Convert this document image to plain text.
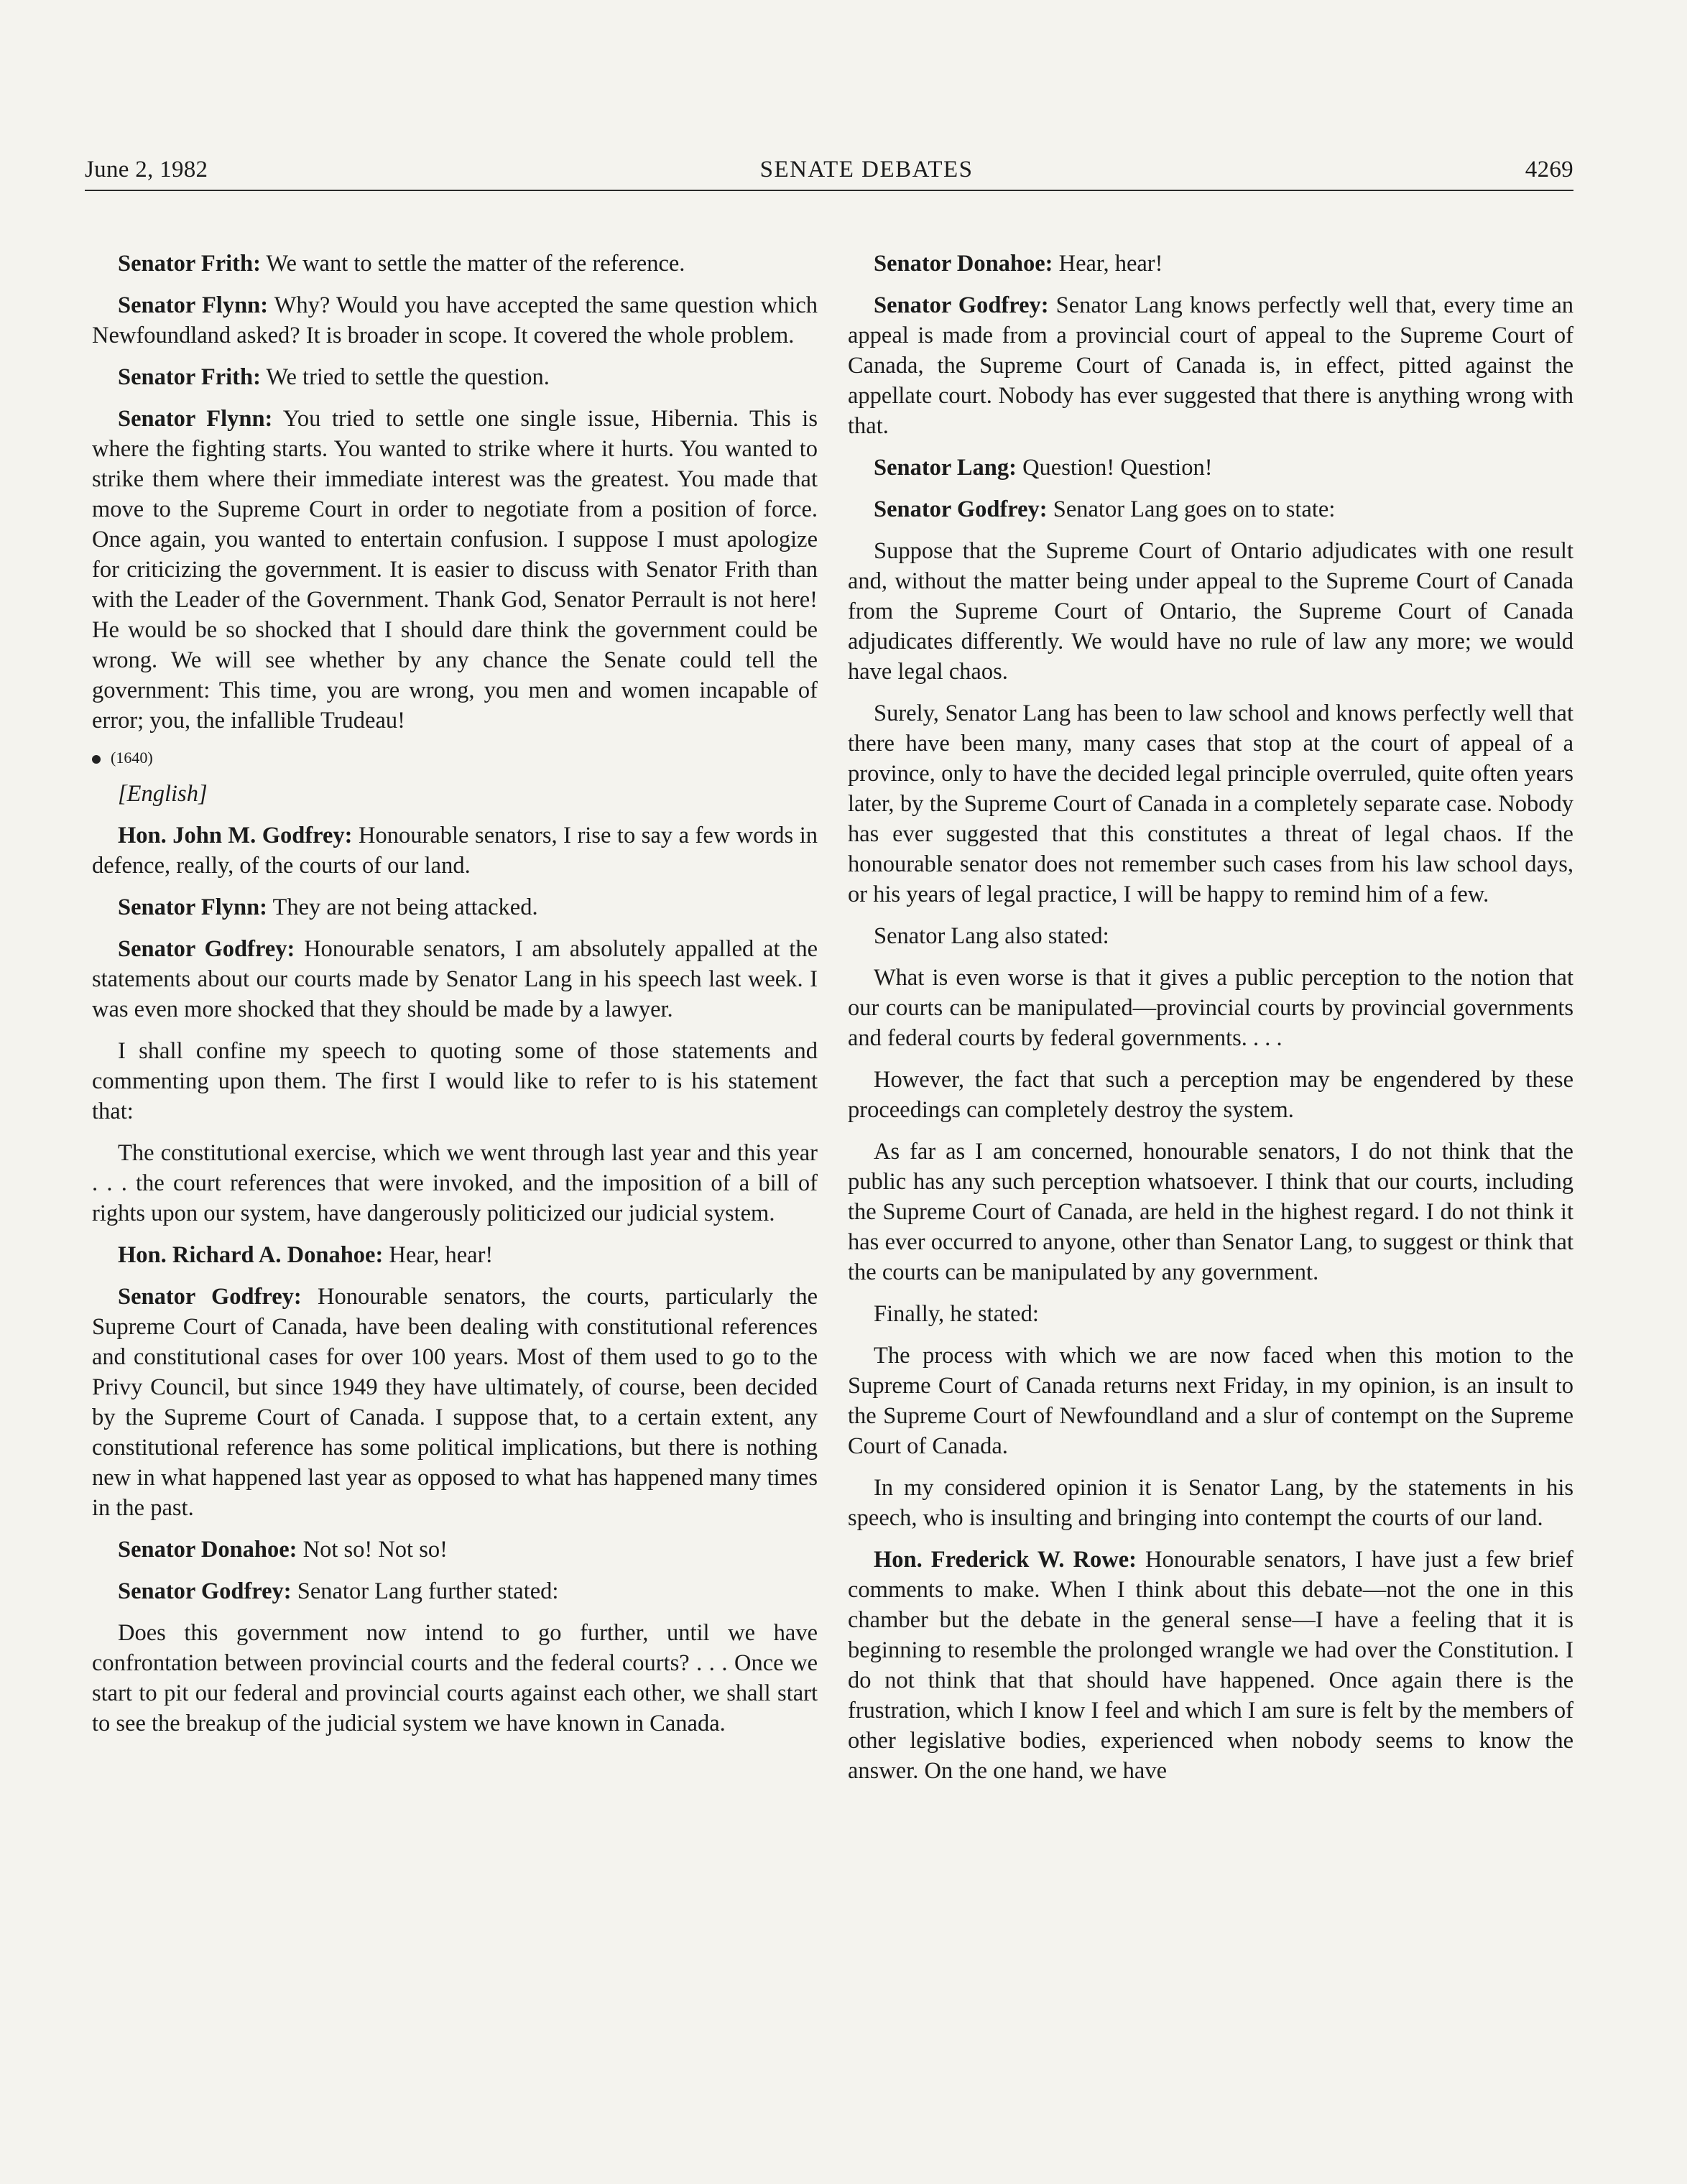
June 2, 1982	SENATE DEBATES	4269

Senator Frith: We want to settle the matter of the reference.

Senator Flynn: Why? Would you have accepted the same question which Newfoundland asked? It is broader in scope. It covered the whole problem.

Senator Frith: We tried to settle the question.

Senator Flynn: You tried to settle one single issue, Hibernia. This is where the fighting starts. You wanted to strike where it hurts. You wanted to strike them where their immediate interest was the greatest. You made that move to the Supreme Court in order to negotiate from a position of force. Once again, you wanted to entertain confusion. I suppose I must apologize for criticizing the government. It is easier to discuss with Senator Frith than with the Leader of the Government. Thank God, Senator Perrault is not here! He would be so shocked that I should dare think the government could be wrong. We will see whether by any chance the Senate could tell the government: This time, you are wrong, you men and women incapable of error; you, the infallible Trudeau!

(1640)

[English]

Hon. John M. Godfrey: Honourable senators, I rise to say a few words in defence, really, of the courts of our land.

Senator Flynn: They are not being attacked.

Senator Godfrey: Honourable senators, I am absolutely appalled at the statements about our courts made by Senator Lang in his speech last week. I was even more shocked that they should be made by a lawyer.

I shall confine my speech to quoting some of those statements and commenting upon them. The first I would like to refer to is his statement that:

The constitutional exercise, which we went through last year and this year . . . the court references that were invoked, and the imposition of a bill of rights upon our system, have dangerously politicized our judicial system.

Hon. Richard A. Donahoe: Hear, hear!

Senator Godfrey: Honourable senators, the courts, particularly the Supreme Court of Canada, have been dealing with constitutional references and constitutional cases for over 100 years. Most of them used to go to the Privy Council, but since 1949 they have ultimately, of course, been decided by the Supreme Court of Canada. I suppose that, to a certain extent, any constitutional reference has some political implications, but there is nothing new in what happened last year as opposed to what has happened many times in the past.

Senator Donahoe: Not so! Not so!

Senator Godfrey: Senator Lang further stated:

Does this government now intend to go further, until we have confrontation between provincial courts and the federal courts? . . . Once we start to pit our federal and provincial courts against each other, we shall start to see the breakup of the judicial system we have known in Canada.

Senator Donahoe: Hear, hear!

Senator Godfrey: Senator Lang knows perfectly well that, every time an appeal is made from a provincial court of appeal to the Supreme Court of Canada, the Supreme Court of Canada is, in effect, pitted against the appellate court. Nobody has ever suggested that there is anything wrong with that.

Senator Lang: Question! Question!

Senator Godfrey: Senator Lang goes on to state:

Suppose that the Supreme Court of Ontario adjudicates with one result and, without the matter being under appeal to the Supreme Court of Canada from the Supreme Court of Ontario, the Supreme Court of Canada adjudicates differently. We would have no rule of law any more; we would have legal chaos.

Surely, Senator Lang has been to law school and knows perfectly well that there have been many, many cases that stop at the court of appeal of a province, only to have the decided legal principle overruled, quite often years later, by the Supreme Court of Canada in a completely separate case. Nobody has ever suggested that this constitutes a threat of legal chaos. If the honourable senator does not remember such cases from his law school days, or his years of legal practice, I will be happy to remind him of a few.

Senator Lang also stated:

What is even worse is that it gives a public perception to the notion that our courts can be manipulated—provincial courts by provincial governments and federal courts by federal governments. . . .

However, the fact that such a perception may be engendered by these proceedings can completely destroy the system.

As far as I am concerned, honourable senators, I do not think that the public has any such perception whatsoever. I think that our courts, including the Supreme Court of Canada, are held in the highest regard. I do not think it has ever occurred to anyone, other than Senator Lang, to suggest or think that the courts can be manipulated by any government.

Finally, he stated:

The process with which we are now faced when this motion to the Supreme Court of Canada returns next Friday, in my opinion, is an insult to the Supreme Court of Newfoundland and a slur of contempt on the Supreme Court of Canada.

In my considered opinion it is Senator Lang, by the statements in his speech, who is insulting and bringing into contempt the courts of our land.

Hon. Frederick W. Rowe: Honourable senators, I have just a few brief comments to make. When I think about this debate—not the one in this chamber but the debate in the general sense—I have a feeling that it is beginning to resemble the prolonged wrangle we had over the Constitution. I do not think that that should have happened. Once again there is the frustration, which I know I feel and which I am sure is felt by the members of other legislative bodies, experienced when nobody seems to know the answer. On the one hand, we have
